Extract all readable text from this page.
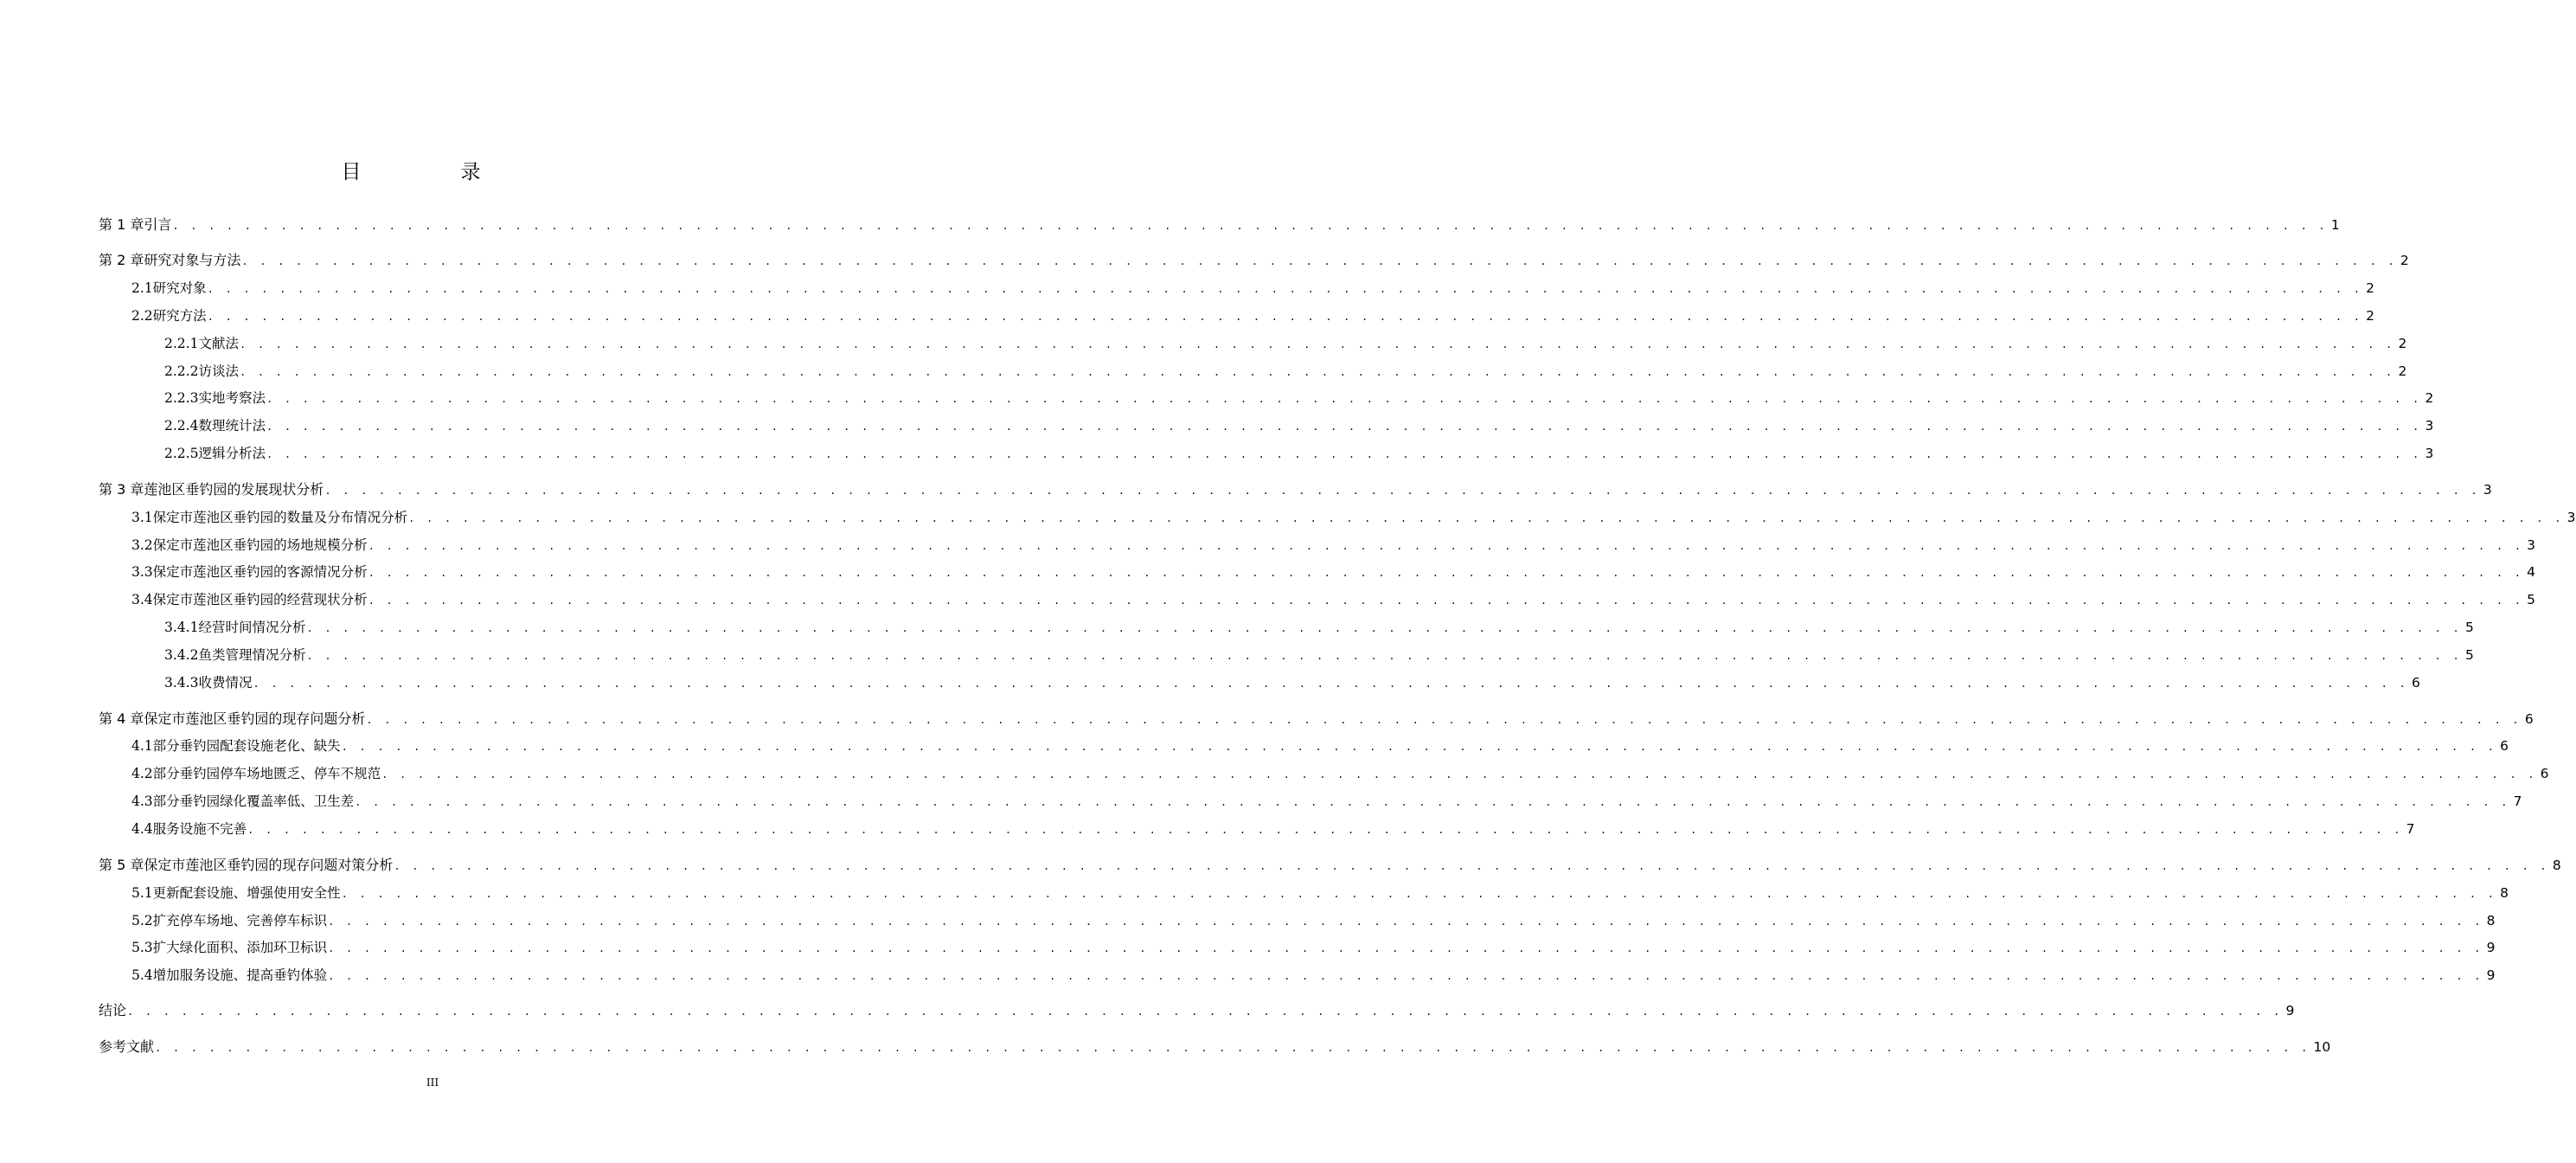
目　录
第 1 章 引言 . . . . . . . . . . . . . . . . . . . . . . . . . . . . . . . . . . . . . . . . . . . . . . . . . . . . . . . . . . . . . . . . . . . . . . . . . . . . . . . . . . . . . . . . . . . . . . . . . . . . . . . . . . . . . . . . . . . . . . . . 1
第 2 章 研究对象与方法 . . . . . . . . . . . . . . . . . . . . . . . . . . . . . . . . . . . . . . . . . . . . . . . . . . . . . . . . . . . . . . . . . . . . . . . . . . . . . . . . . . . . . . . . . . . . . . . . . . . . . . . . . . . . . . . . . . . . . . . . 2
2.1 研究对象 . . . . . . . . . . . . . . . . . . . . . . . . . . . . . . . . . . . . . . . . . . . . . . . . . . . . . . . . . . . . . . . . . . . . . . . . . . . . . . . . . . . . . . . . . . . . . . . . . . . . . . . . . . . . . . . . . . . . . . . . 2
2.2 研究方法 . . . . . . . . . . . . . . . . . . . . . . . . . . . . . . . . . . . . . . . . . . . . . . . . . . . . . . . . . . . . . . . . . . . . . . . . . . . . . . . . . . . . . . . . . . . . . . . . . . . . . . . . . . . . . . . . . . . . . . . . 2
2.2.1 文献法 . . . . . . . . . . . . . . . . . . . . . . . . . . . . . . . . . . . . . . . . . . . . . . . . . . . . . . . . . . . . . . . . . . . . . . . . . . . . . . . . . . . . . . . . . . . . . . . . . . . . . . . . . . . . . . . . . . . . . . . . 2
2.2.2 访谈法 . . . . . . . . . . . . . . . . . . . . . . . . . . . . . . . . . . . . . . . . . . . . . . . . . . . . . . . . . . . . . . . . . . . . . . . . . . . . . . . . . . . . . . . . . . . . . . . . . . . . . . . . . . . . . . . . . . . . . . . . 2
2.2.3 实地考察法 . . . . . . . . . . . . . . . . . . . . . . . . . . . . . . . . . . . . . . . . . . . . . . . . . . . . . . . . . . . . . . . . . . . . . . . . . . . . . . . . . . . . . . . . . . . . . . . . . . . . . . . . . . . . . . . . . . . . . . . . 2
2.2.4 数理统计法 . . . . . . . . . . . . . . . . . . . . . . . . . . . . . . . . . . . . . . . . . . . . . . . . . . . . . . . . . . . . . . . . . . . . . . . . . . . . . . . . . . . . . . . . . . . . . . . . . . . . . . . . . . . . . . . . . . . . . . . . 3
2.2.5 逻辑分析法 . . . . . . . . . . . . . . . . . . . . . . . . . . . . . . . . . . . . . . . . . . . . . . . . . . . . . . . . . . . . . . . . . . . . . . . . . . . . . . . . . . . . . . . . . . . . . . . . . . . . . . . . . . . . . . . . . . . . . . . . 3
第 3 章 莲池区垂钓园的发展现状分析 . . . . . . . . . . . . . . . . . . . . . . . . . . . . . . . . . . . . . . . . . . . . . . . . . . . . . . . . . . . . . . . . . . . . . . . . . . . . . . . . . . . . . . . . . . . . . . . . . . . . . . . . . . . . . . . . . . . . . . . . 3
3.1 保定市莲池区垂钓园的数量及分布情况分析 . . . . . . . . . . . . . . . . . . . . . . . . . . . . . . . . . . . . . . . . . . . . . . . . . . . . . . . . . . . . . . . . . . . . . . . . . . . . . . . . . . . . . . . . . . . . . . . . . . . . . . . . . . . . . . . . . . . . . . . . 3
3.2 保定市莲池区垂钓园的场地规模分析 . . . . . . . . . . . . . . . . . . . . . . . . . . . . . . . . . . . . . . . . . . . . . . . . . . . . . . . . . . . . . . . . . . . . . . . . . . . . . . . . . . . . . . . . . . . . . . . . . . . . . . . . . . . . . . . . . . . . . . . . 3
3.3 保定市莲池区垂钓园的客源情况分析 . . . . . . . . . . . . . . . . . . . . . . . . . . . . . . . . . . . . . . . . . . . . . . . . . . . . . . . . . . . . . . . . . . . . . . . . . . . . . . . . . . . . . . . . . . . . . . . . . . . . . . . . . . . . . . . . . . . . . . . . 4
3.4 保定市莲池区垂钓园的经营现状分析 . . . . . . . . . . . . . . . . . . . . . . . . . . . . . . . . . . . . . . . . . . . . . . . . . . . . . . . . . . . . . . . . . . . . . . . . . . . . . . . . . . . . . . . . . . . . . . . . . . . . . . . . . . . . . . . . . . . . . . . . 5
3.4.1 经营时间情况分析 . . . . . . . . . . . . . . . . . . . . . . . . . . . . . . . . . . . . . . . . . . . . . . . . . . . . . . . . . . . . . . . . . . . . . . . . . . . . . . . . . . . . . . . . . . . . . . . . . . . . . . . . . . . . . . . . . . . . . . . . 5
3.4.2 鱼类管理情况分析 . . . . . . . . . . . . . . . . . . . . . . . . . . . . . . . . . . . . . . . . . . . . . . . . . . . . . . . . . . . . . . . . . . . . . . . . . . . . . . . . . . . . . . . . . . . . . . . . . . . . . . . . . . . . . . . . . . . . . . . . 5
3.4.3 收费情况 . . . . . . . . . . . . . . . . . . . . . . . . . . . . . . . . . . . . . . . . . . . . . . . . . . . . . . . . . . . . . . . . . . . . . . . . . . . . . . . . . . . . . . . . . . . . . . . . . . . . . . . . . . . . . . . . . . . . . . . . 6
第 4 章 保定市莲池区垂钓园的现存问题分析 . . . . . . . . . . . . . . . . . . . . . . . . . . . . . . . . . . . . . . . . . . . . . . . . . . . . . . . . . . . . . . . . . . . . . . . . . . . . . . . . . . . . . . . . . . . . . . . . . . . . . . . . . . . . . . . . . . . . . . . . 6
4.1 部分垂钓园配套设施老化、缺失 . . . . . . . . . . . . . . . . . . . . . . . . . . . . . . . . . . . . . . . . . . . . . . . . . . . . . . . . . . . . . . . . . . . . . . . . . . . . . . . . . . . . . . . . . . . . . . . . . . . . . . . . . . . . . . . . . . . . . . . . 6
4.2 部分垂钓园停车场地匮乏、停车不规范 . . . . . . . . . . . . . . . . . . . . . . . . . . . . . . . . . . . . . . . . . . . . . . . . . . . . . . . . . . . . . . . . . . . . . . . . . . . . . . . . . . . . . . . . . . . . . . . . . . . . . . . . . . . . . . . . . . . . . . . . 6
4.3 部分垂钓园绿化覆盖率低、卫生差 . . . . . . . . . . . . . . . . . . . . . . . . . . . . . . . . . . . . . . . . . . . . . . . . . . . . . . . . . . . . . . . . . . . . . . . . . . . . . . . . . . . . . . . . . . . . . . . . . . . . . . . . . . . . . . . . . . . . . . . . 7
4.4 服务设施不完善 . . . . . . . . . . . . . . . . . . . . . . . . . . . . . . . . . . . . . . . . . . . . . . . . . . . . . . . . . . . . . . . . . . . . . . . . . . . . . . . . . . . . . . . . . . . . . . . . . . . . . . . . . . . . . . . . . . . . . . . . 7
第 5 章 保定市莲池区垂钓园的现存问题对策分析 . . . . . . . . . . . . . . . . . . . . . . . . . . . . . . . . . . . . . . . . . . . . . . . . . . . . . . . . . . . . . . . . . . . . . . . . . . . . . . . . . . . . . . . . . . . . . . . . . . . . . . . . . . . . . . . . . . . . . . . . 8
5.1 更新配套设施、增强使用安全性 . . . . . . . . . . . . . . . . . . . . . . . . . . . . . . . . . . . . . . . . . . . . . . . . . . . . . . . . . . . . . . . . . . . . . . . . . . . . . . . . . . . . . . . . . . . . . . . . . . . . . . . . . . . . . . . . . . . . . . . . 8
5.2 扩充停车场地、完善停车标识 . . . . . . . . . . . . . . . . . . . . . . . . . . . . . . . . . . . . . . . . . . . . . . . . . . . . . . . . . . . . . . . . . . . . . . . . . . . . . . . . . . . . . . . . . . . . . . . . . . . . . . . . . . . . . . . . . . . . . . . . 8
5.3 扩大绿化面积、添加环卫标识 . . . . . . . . . . . . . . . . . . . . . . . . . . . . . . . . . . . . . . . . . . . . . . . . . . . . . . . . . . . . . . . . . . . . . . . . . . . . . . . . . . . . . . . . . . . . . . . . . . . . . . . . . . . . . . . . . . . . . . . . 9
5.4 增加服务设施、提高垂钓体验 . . . . . . . . . . . . . . . . . . . . . . . . . . . . . . . . . . . . . . . . . . . . . . . . . . . . . . . . . . . . . . . . . . . . . . . . . . . . . . . . . . . . . . . . . . . . . . . . . . . . . . . . . . . . . . . . . . . . . . . . 9
结论 . . . . . . . . . . . . . . . . . . . . . . . . . . . . . . . . . . . . . . . . . . . . . . . . . . . . . . . . . . . . . . . . . . . . . . . . . . . . . . . . . . . . . . . . . . . . . . . . . . . . . . . . . . . . . . . . . . . . . . . . 9
参考文献 . . . . . . . . . . . . . . . . . . . . . . . . . . . . . . . . . . . . . . . . . . . . . . . . . . . . . . . . . . . . . . . . . . . . . . . . . . . . . . . . . . . . . . . . . . . . . . . . . . . . . . . . . . . . . . . . . . . . . . . . 10
III
